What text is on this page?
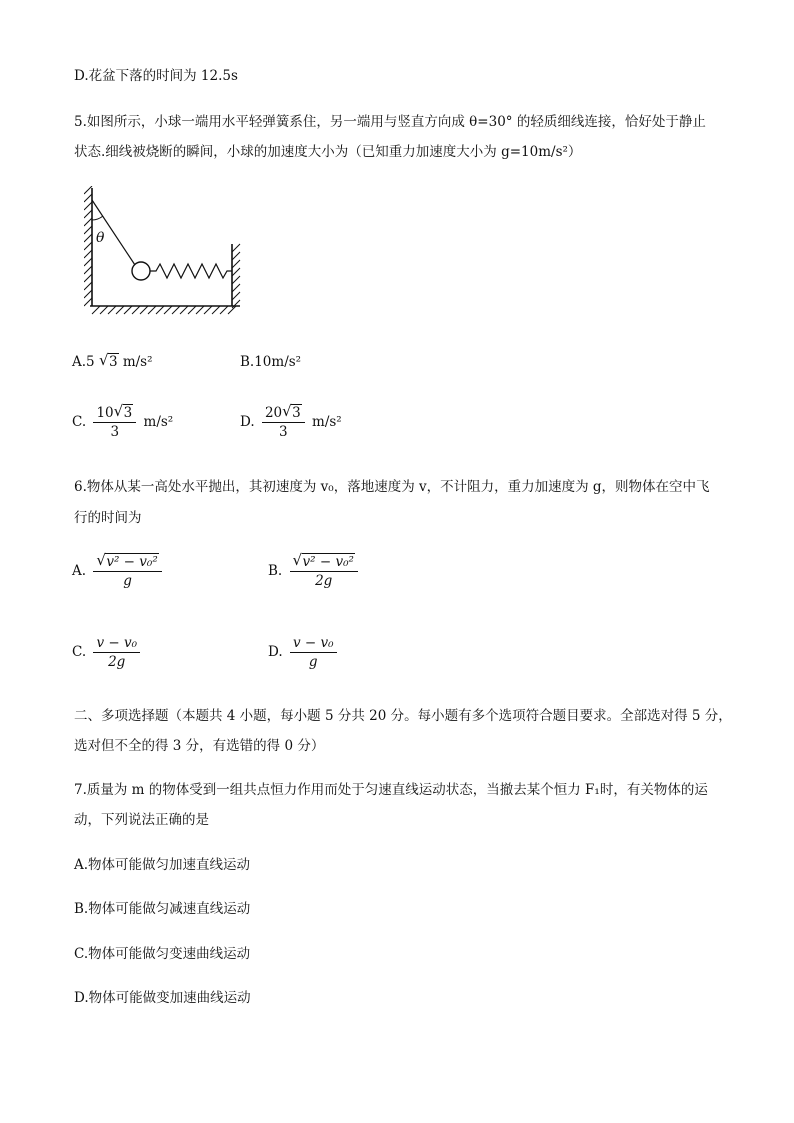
D.花盆下落的时间为 12.5s
5.如图所示，小球一端用水平轻弹簧系住，另一端用与竖直方向成 θ=30° 的轻质细线连接，恰好处于静止
状态.细线被烧断的瞬间，小球的加速度大小为（已知重力加速度大小为 g=10m/s²）
θ
A.5 √ 3 m/s²	B.10m/s²
C. $\frac{10 √ 3}{3} m/s^2$	D. $\frac{20 √ 3}{3} m/s^2$
6.物体从某一高处水平抛出，其初速度为 v₀，落地速度为 v，不计阻力，重力加速度为 g，则物体在空中飞
行的时间为
A. $\frac{\text{√ v² − v₀²}}{g}$	B. $\frac{\text{√ v² − v₀²}}{2g}$
C. $\frac{\text{v − v₀}}{2g}$	D. $\frac{\text{v − v₀}}{g}$
二、多项选择题（本题共 4 小题，每小题 5 分共 20 分。每小题有多个选项符合题目要求。全部选对得 5 分，
选对但不全的得 3 分，有选错的得 0 分）
7.质量为 m 的物体受到一组共点恒力作用而处于匀速直线运动状态，当撤去某个恒力 F₁时，有关物体的运
动，下列说法正确的是
A.物体可能做匀加速直线运动
B.物体可能做匀减速直线运动
C.物体可能做匀变速曲线运动
D.物体可能做变加速曲线运动
